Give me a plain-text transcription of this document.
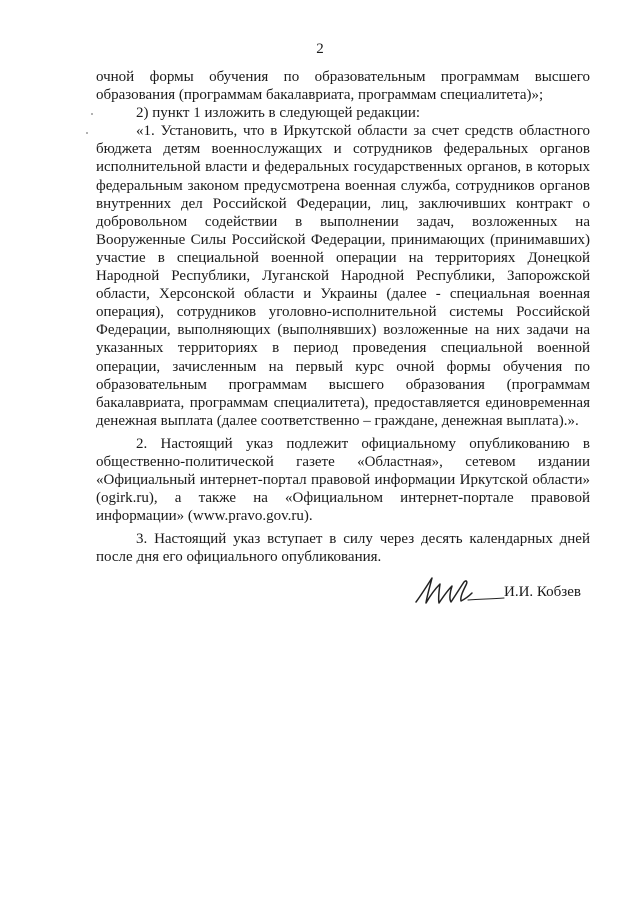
2

очной формы обучения по образовательным программам высшего образования (программам бакалавриата, программам специалитета)»;

2) пункт 1 изложить в следующей редакции:

«1. Установить, что в Иркутской области за счет средств областного бюджета детям военнослужащих и сотрудников федеральных органов исполнительной власти и федеральных государственных органов, в которых федеральным законом предусмотрена военная служба, сотрудников органов внутренних дел Российской Федерации, лиц, заключивших контракт о добровольном содействии в выполнении задач, возложенных на Вооруженные Силы Российской Федерации, принимающих (принимавших) участие в специальной военной операции на территориях Донецкой Народной Республики, Луганской Народной Республики, Запорожской области, Херсонской области и Украины (далее - специальная военная операция), сотрудников уголовно-исполнительной системы Российской Федерации, выполняющих (выполнявших) возложенные на них задачи на указанных территориях в период проведения специальной военной операции, зачисленным на первый курс очной формы обучения по образовательным программам высшего образования (программам бакалавриата, программам специалитета), предоставляется единовременная денежная выплата (далее соответственно – граждане, денежная выплата).».

2. Настоящий указ подлежит официальному опубликованию в общественно-политической газете «Областная», сетевом издании «Официальный интернет-портал правовой информации Иркутской области» (ogirk.ru), а также на «Официальном интернет-портале правовой информации» (www.pravo.gov.ru).

3. Настоящий указ вступает в силу через десять календарных дней после дня его официального опубликования.

И.И. Кобзев
